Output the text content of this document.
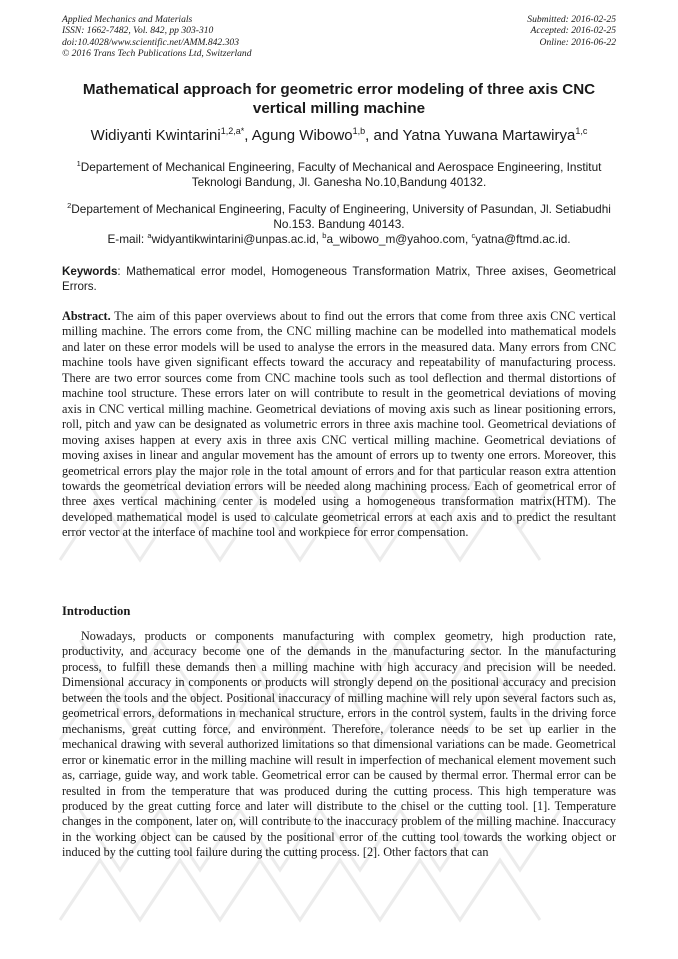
Applied Mechanics and Materials
ISSN: 1662-7482, Vol. 842, pp 303-310
doi:10.4028/www.scientific.net/AMM.842.303
© 2016 Trans Tech Publications Ltd, Switzerland
Submitted: 2016-02-25
Accepted: 2016-02-25
Online: 2016-06-22
Mathematical approach for geometric error modeling of three axis CNC vertical milling machine
Widiyanti Kwintarini$^{1,2,a*}$, Agung Wibowo$^{1,b}$, and Yatna Yuwana Martawirya$^{1,c}$
$^1$Departement of Mechanical Engineering, Faculty of Mechanical and Aerospace Engineering, Institut Teknologi Bandung, Jl. Ganesha No.10,Bandung 40132.
$^2$Departement of Mechanical Engineering, Faculty of Engineering, University of Pasundan, Jl. Setiabudhi No.153. Bandung 40143.
E-mail: $^a$widyantikwintarini@unpas.ac.id, $^b$a_wibowo_m@yahoo.com, $^c$yatna@ftmd.ac.id.
Keywords: Mathematical error model, Homogeneous Transformation Matrix, Three axises, Geometrical Errors.
Abstract. The aim of this paper overviews about to find out the errors that come from three axis CNC vertical milling machine. The errors come from, the CNC milling machine can be modelled into mathematical models and later on these error models will be used to analyse the errors in the measured data. Many errors from CNC machine tools have given significant effects toward the accuracy and repeatability of manufacturing process. There are two error sources come from CNC machine tools such as tool deflection and thermal distortions of machine tool structure. These errors later on will contribute to result in the geometrical deviations of moving axis in CNC vertical milling machine. Geometrical deviations of moving axis such as linear positioning errors, roll, pitch and yaw can be designated as volumetric errors in three axis machine tool. Geometrical deviations of moving axises happen at every axis in three axis CNC vertical milling machine. Geometrical deviations of moving axises in linear and angular movement has the amount of errors up to twenty one errors. Moreover, this geometrical errors play the major role in the total amount of errors and for that particular reason extra attention towards the geometrical deviation errors will be needed along machining process. Each of geometrical error of three axes vertical machining center is modeled using a homogeneous transformation matrix(HTM). The developed mathematical model is used to calculate geometrical errors at each axis and to predict the resultant error vector at the interface of machine tool and workpiece for error compensation.
Introduction
Nowadays, products or components manufacturing with complex geometry, high production rate, productivity, and accuracy become one of the demands in the manufacturing sector. In the manufacturing process, to fulfill these demands then a milling machine with high accuracy and precision will be needed. Dimensional accuracy in components or products will strongly depend on the positional accuracy and precision between the tools and the object. Positional inaccuracy of milling machine will rely upon several factors such as, geometrical errors, deformations in mechanical structure, errors in the control system, faults in the driving force mechanisms, great cutting force, and environment. Therefore, tolerance needs to be set up earlier in the mechanical drawing with several authorized limitations so that dimensional variations can be made. Geometrical error or kinematic error in the milling machine will result in imperfection of mechanical element movement such as, carriage, guide way, and work table. Geometrical error can be caused by thermal error. Thermal error can be resulted in from the temperature that was produced during the cutting process. This high temperature was produced by the great cutting force and later will distribute to the chisel or the cutting tool. [1]. Temperature changes in the component, later on, will contribute to the inaccuracy problem of the milling machine. Inaccuracy in the working object can be caused by the positional error of the cutting tool towards the working object or induced by the cutting tool failure during the cutting process. [2]. Other factors that can
